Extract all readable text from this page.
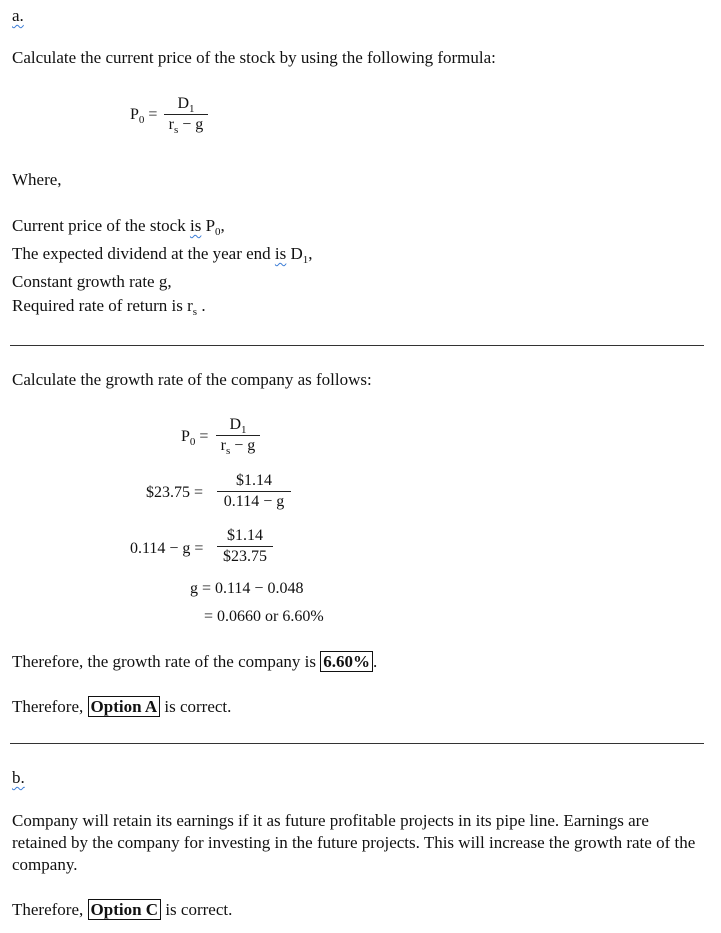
a.
Calculate the current price of the stock by using the following formula:
$P_0$ =
$D_1$
$r_s - g$
Where,
Current price of the stock is $P_0$,
The expected dividend at the year end is $D_1$,
Constant growth rate g,
Required rate of return is $r_s$ .
Calculate the growth rate of the company as follows:
$P_0$ =
$D_1$
$r_s - g$
$23.75 =
$1.14
0.114 − g
0.114 − g =
$1.14
$23.75
g = 0.114 − 0.048
= 0.0660 or 6.60%
Therefore, the growth rate of the company is 6.60% .
Therefore, Option A is correct.
b.
Company will retain its earnings if it as future profitable projects in its pipe line. Earnings are retained by the company for investing in the future projects. This will increase the growth rate of the company.
Therefore, Option C is correct.
